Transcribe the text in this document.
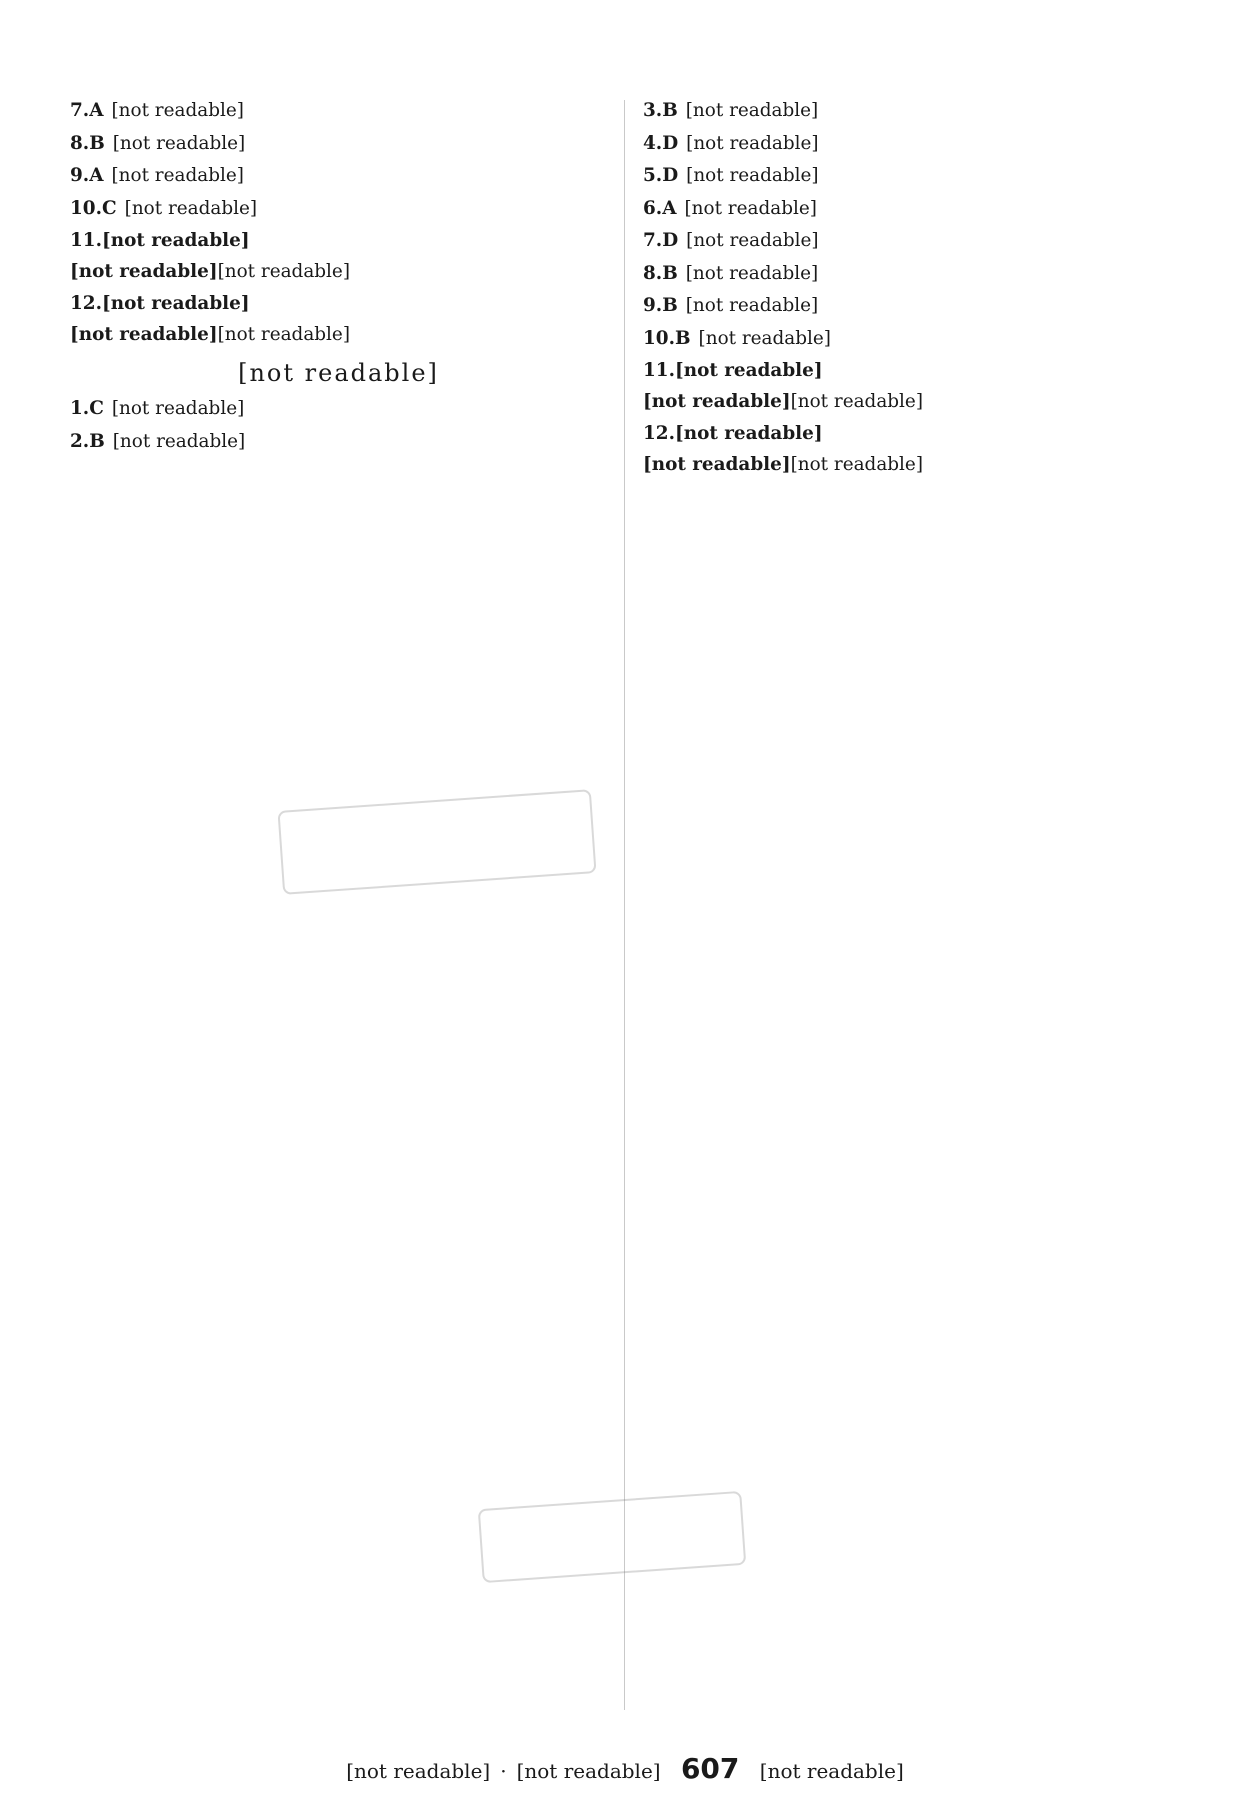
7.A [not readable]

8.B [not readable]

9.A [not readable]

10.C [not readable]

11.[not readable]
[not readable][not readable]

12.[not readable]
[not readable][not readable]

[not readable]

1.C [not readable]

2.B [not readable]

3.B [not readable]

4.D [not readable]

5.D [not readable]

6.A [not readable]

7.D [not readable]

8.B [not readable]

9.B [not readable]

10.B [not readable]

11.[not readable]
[not readable][not readable]

12.[not readable]
[not readable][not readable]

[not readable] · [not readable] 607 [not readable]
